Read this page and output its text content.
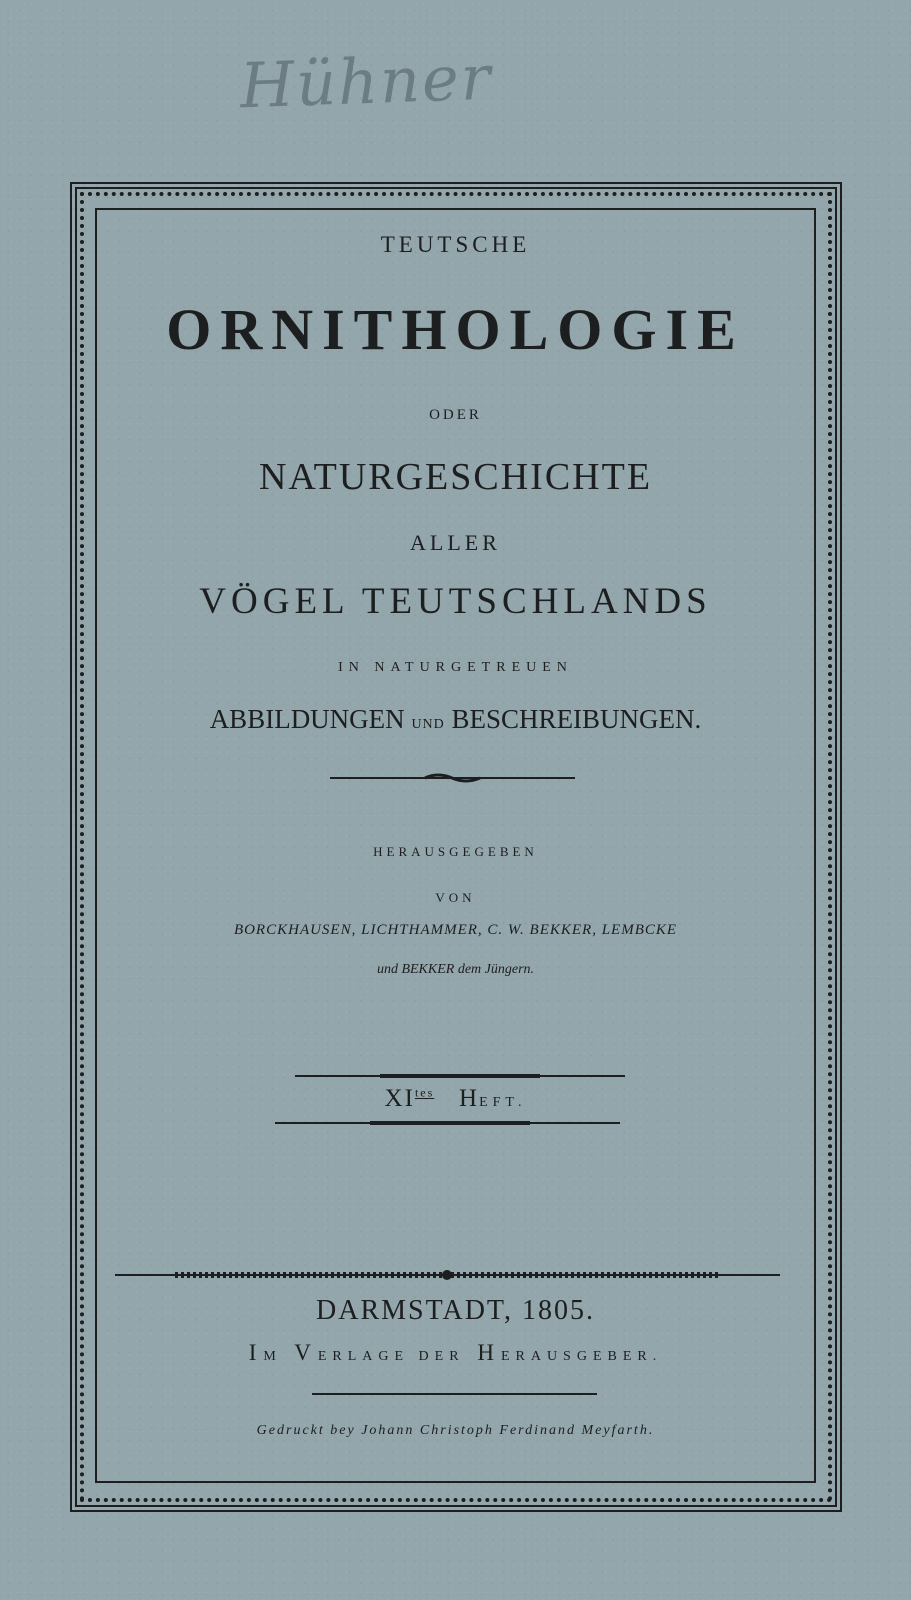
Hühner
TEUTSCHE
ORNITHOLOGIE
ODER
NATURGESCHICHTE
ALLER
VÖGEL TEUTSCHLANDS
IN NATURGETREUEN
ABBILDUNGEN UND BESCHREIBUNGEN.
HERAUSGEGEBEN
VON
BORCKHAUSEN, LICHTHAMMER, C. W. BEKKER, LEMBCKE
und BEKKER dem Jüngern.
$XI^{tes}$ HEFT.
DARMSTADT, 1805.
IM VERLAGE DER HERAUSGEBER.
Gedruckt bey Johann Christoph Ferdinand Meyfarth.
